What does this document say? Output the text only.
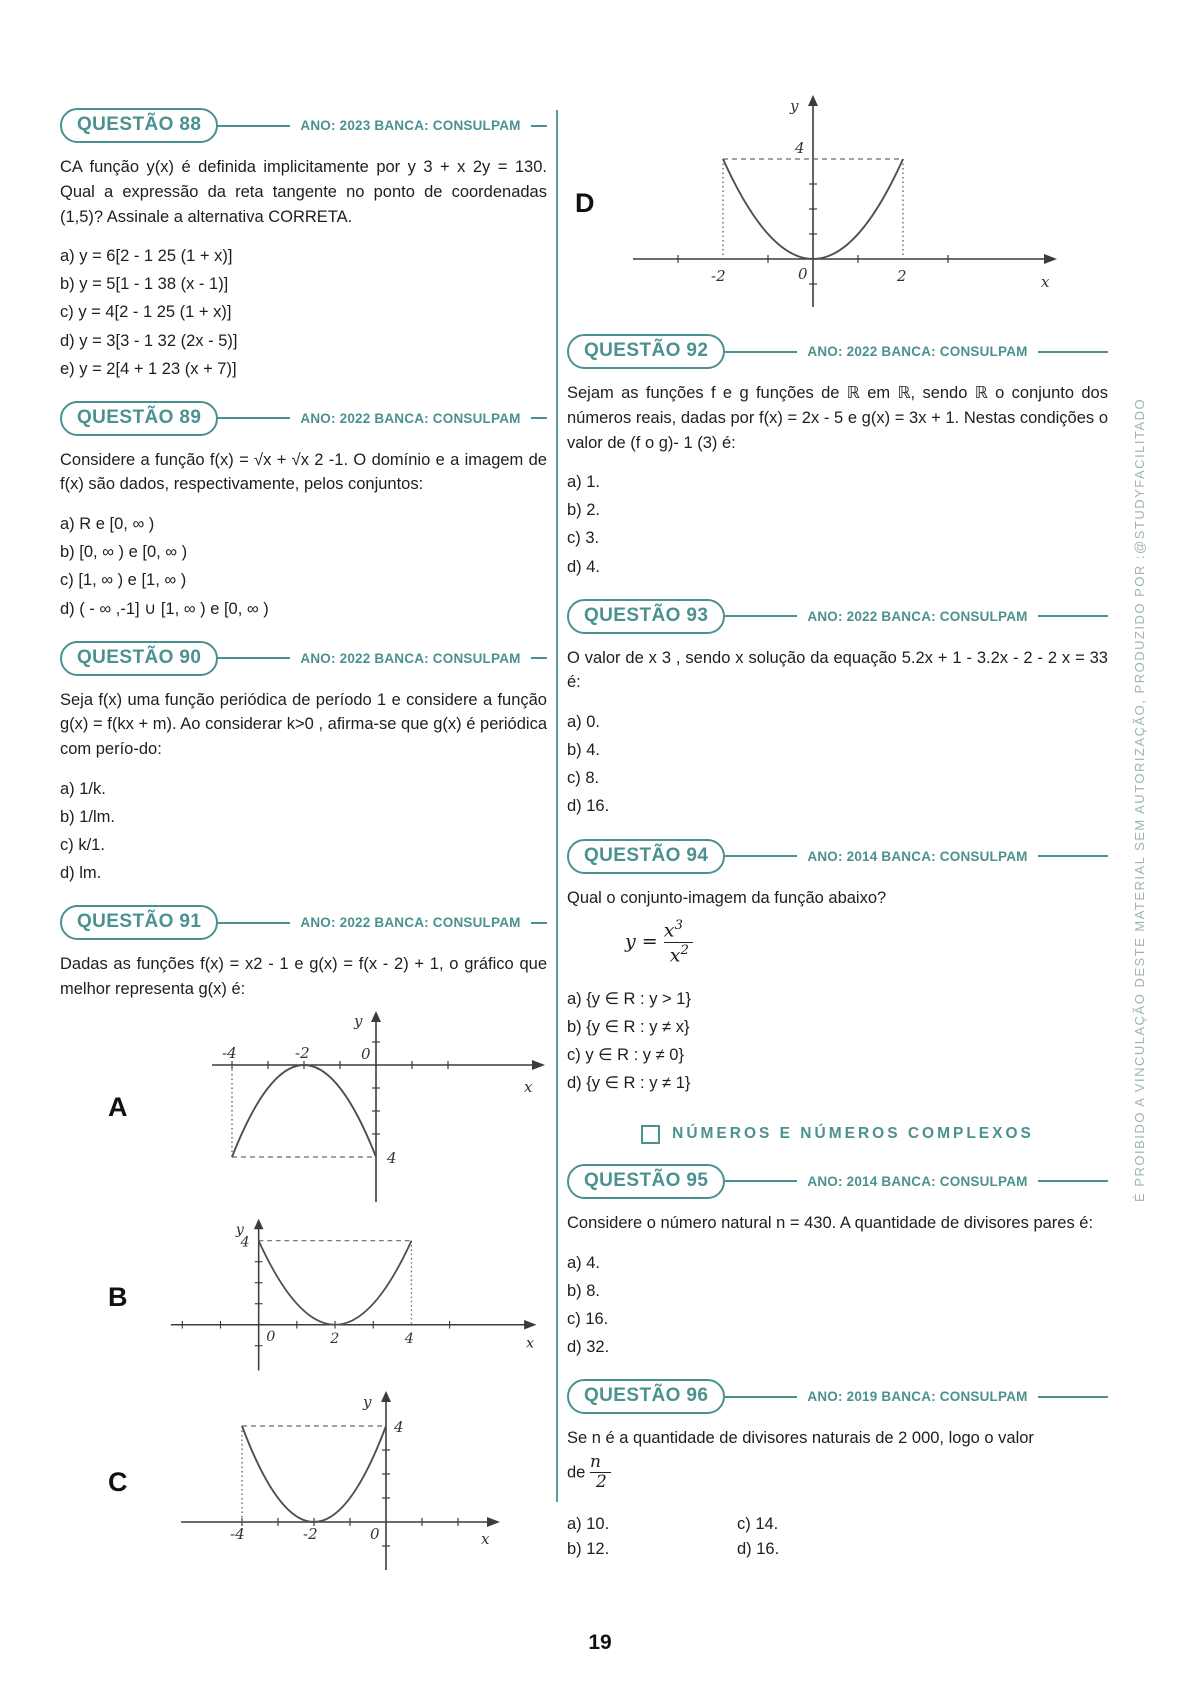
QUESTÃO 88	ANO: 2023 BANCA: CONSULPAM

CA função y(x) é definida implicitamente por y 3 + x 2y = 130. Qual a expressão da reta tangente no ponto de coordenadas (1,5)? Assinale a alternativa CORRETA.

a) y = 6[2 - 1 25 (1 + x)]
b) y = 5[1 - 1 38 (x - 1)]
c) y = 4[2 - 1 25 (1 + x)]
d) y = 3[3 - 1 32 (2x - 5)]
e) y = 2[4 + 1 23 (x + 7)]
QUESTÃO 89	ANO: 2022 BANCA: CONSULPAM

Considere a função f(x) = √x + √x 2 -1. O domínio e a imagem de f(x) são dados, respectivamente, pelos conjuntos:

a) R e [0, ∞ )
b) [0, ∞ ) e [0, ∞ )
c) [1, ∞ ) e [1, ∞ )
d) ( - ∞ ,-1] ∪ [1, ∞ ) e [0, ∞ )
QUESTÃO 90	ANO: 2022 BANCA: CONSULPAM

Seja f(x) uma função periódica de período 1 e considere a função g(x) = f(kx + m). Ao considerar k>0 , afirma-se que g(x) é periódica com perío-do:

a) 1/k.
b) 1/lm.
c) k/1.
d) lm.
QUESTÃO 91	ANO: 2022 BANCA: CONSULPAM

Dadas as funções f(x) = x2 - 1 e g(x) = f(x - 2) + 1, o gráfico que melhor representa g(x) é:

A
-4	-2	0
y
x
4
B
y
4
0	2	4	x
C
y
4
-4	-2	0	x
D
y
4
-2	0	2	x
QUESTÃO 92	ANO: 2022 BANCA: CONSULPAM

Sejam as funções f e g funções de ℝ em ℝ, sendo ℝ o conjunto dos números reais, dadas por f(x) = 2x - 5 e g(x) = 3x + 1. Nestas condições o valor de (f o g)- 1 (3) é:

a) 1.
b) 2.
c) 3.
d) 4.
QUESTÃO 93	ANO: 2022 BANCA: CONSULPAM

O valor de x 3 , sendo x solução da equação 5.2x + 1 - 3.2x - 2 - 2 x = 33 é:

a) 0.
b) 4.
c) 8.
d) 16.
QUESTÃO 94	ANO: 2014 BANCA: CONSULPAM

Qual o conjunto-imagem da função abaixo?

$y = \frac{x^3}{x^2}$
a) {y ∈ R : y > 1}
b) {y ∈ R : y ≠ x}
c) y ∈ R : y ≠ 0}
d) {y ∈ R : y ≠ 1}
NÚMEROS E NÚMEROS COMPLEXOS
QUESTÃO 95	ANO: 2014 BANCA: CONSULPAM

Considere o número natural n = 430. A quantidade de divisores pares é:

a) 4.
b) 8.
c) 16.
d) 32.
QUESTÃO 96	ANO: 2019 BANCA: CONSULPAM

Se n é a quantidade de divisores naturais de 2 000, logo o valor

de $\frac{n}{2}$
a) 10.	c) 14.
b) 12.	d) 16.
É PROIBIDO A VINCULAÇÃO DESTE MATERIAL SEM AUTORIZAÇÃO, PRODUZIDO POR :@STUDYFACILITADO
19
